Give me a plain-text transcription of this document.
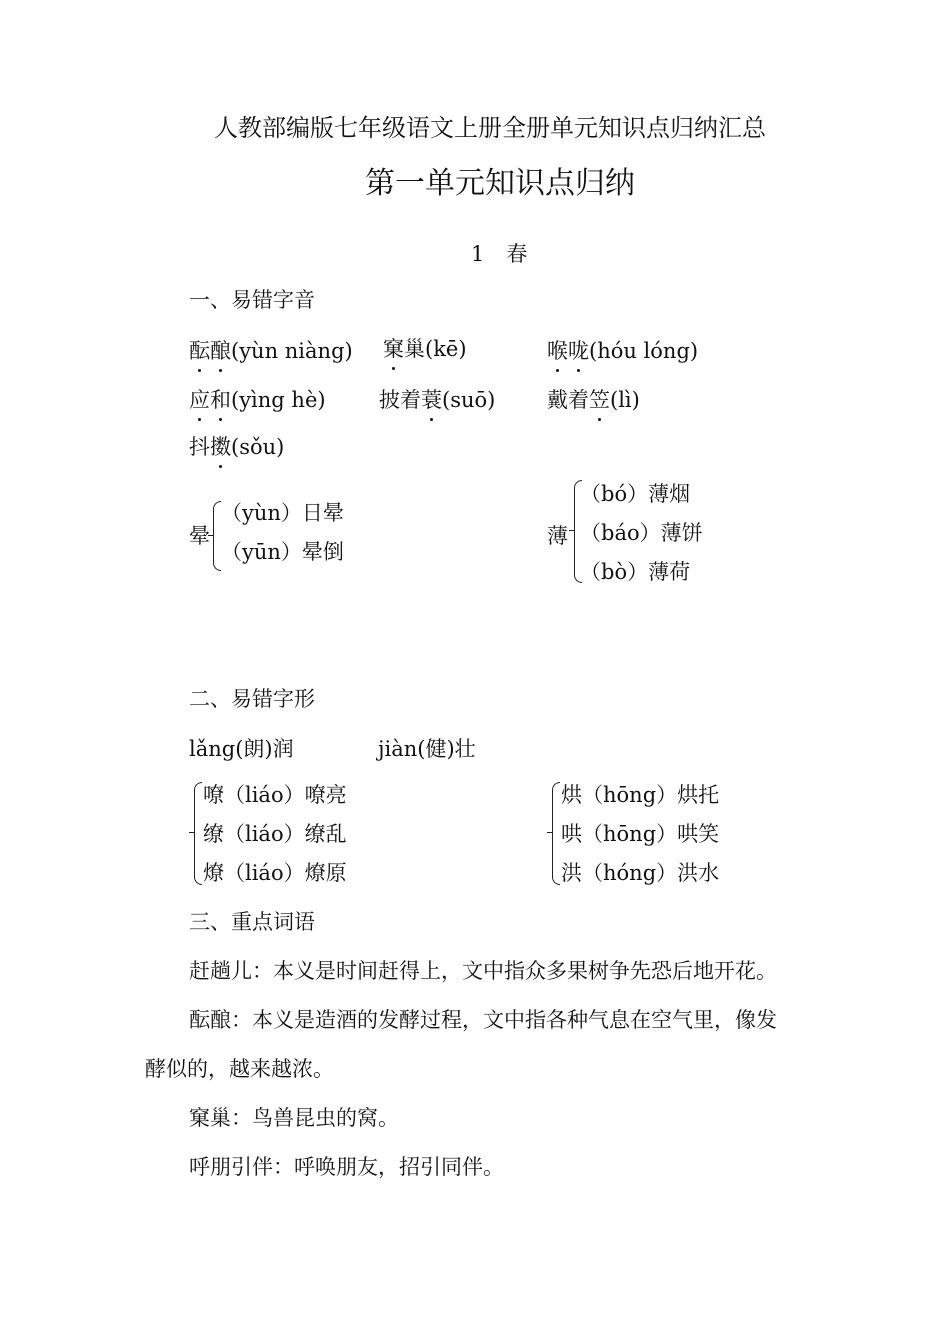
人教部编版七年级语文上册全册单元知识点归纳汇总
第一单元知识点归纳
1 春
一、易错字音
酝酿(yùn niàng) 窠巢(kē)	喉咙(hóu lóng)
应和(yìng hè)	披着蓑(suō) 戴着笠(lì)
抖擞(sǒu)
晕
（yùn）日晕
（yūn）晕倒
薄
（bó）薄烟
（báo）薄饼
（bò）薄荷
二、易错字形
lǎng(朗)润	jiàn(健)壮
嘹（liáo）嘹亮
缭（liáo）缭乱
燎（liáo）燎原
烘（hōng）烘托
哄（hōng）哄笑
洪（hóng）洪水
三、重点词语
赶趟儿：本义是时间赶得上，文中指众多果树争先恐后地开花。
酝酿：本义是造酒的发酵过程，文中指各种气息在空气里，像发
酵似的，越来越浓。
窠巢：鸟兽昆虫的窝。
呼朋引伴：呼唤朋友，招引同伴。
